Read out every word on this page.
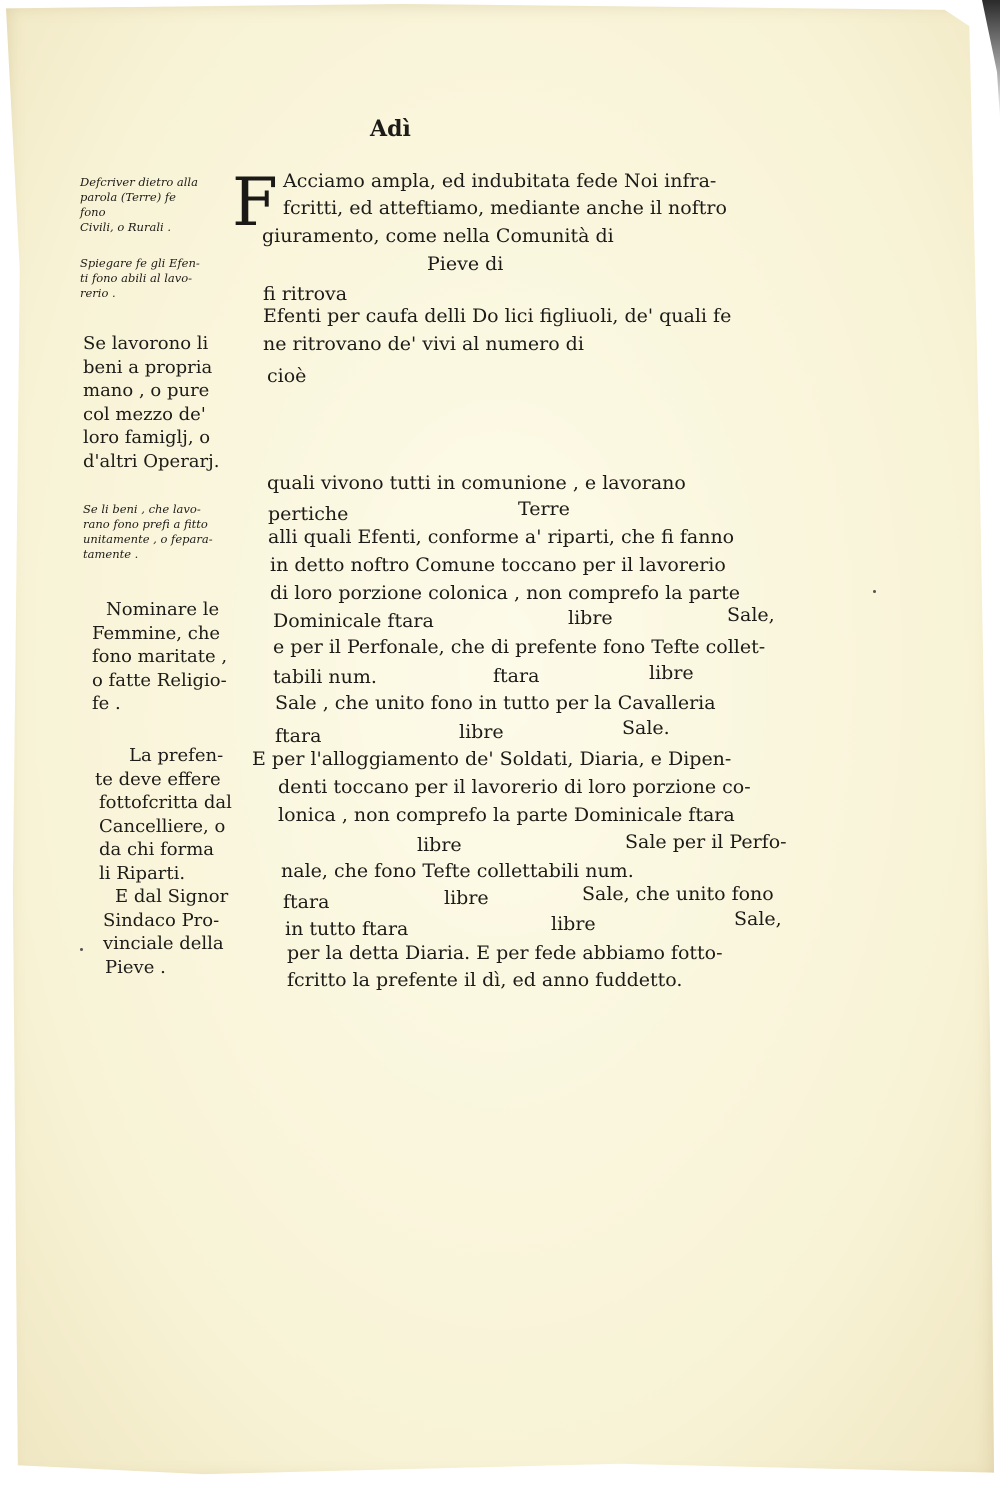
Adì
Defcriver dietro alla
parola (Terre) fe fono
Civili, o Rurali .
Spiegare fe gli Efen-
ti fono abili al lavo-
rerio .
Se lavorono li
beni a propria
mano , o pure
col mezzo de'
loro famiglj, o
d'altri Operarj.
Se li beni , che lavo-
rano fono prefi a fitto
unitamente , o fepara-
tamente .
Nominare le
Femmine, che
fono maritate ,
o fatte Religio-
fe .
La prefen-
te deve effere
fottofcritta dal
Cancelliere, o
da chi forma
li Riparti.
E dal Signor
Sindaco Pro-
vinciale della
Pieve .
F Acciamo ampla, ed indubitata fede Noi infra-
fcritti, ed atteftiamo, mediante anche il noftro
giuramento, come nella Comunità di
Pieve di
fi ritrova
Efenti per caufa delli Do lici figliuoli, de' quali fe
ne ritrovano de' vivi al numero di
cioè
quali vivono tutti in comunione , e lavorano
pertiche	Terre
alli quali Efenti, conforme a' riparti, che fi fanno
in detto noftro Comune toccano per il lavorerio
di loro porzione colonica , non comprefo la parte
Dominicale ftara	libre	Sale,
e per il Perfonale, che di prefente fono Tefte collet-
tabili num.	ftara	libre
Sale , che unito fono in tutto per la Cavalleria
ftara	libre	Sale.
E per l'alloggiamento de' Soldati, Diaria, e Dipen-
denti toccano per il lavorerio di loro porzione co-
lonica , non comprefo la parte Dominicale ftara
libre	Sale per il Perfo-
nale, che fono Tefte collettabili num.
ftara	libre	Sale, che unito fono
in tutto ftara	libre	Sale,
per la detta Diaria. E per fede abbiamo fotto-
fcritto la prefente il dì, ed anno fuddetto.
